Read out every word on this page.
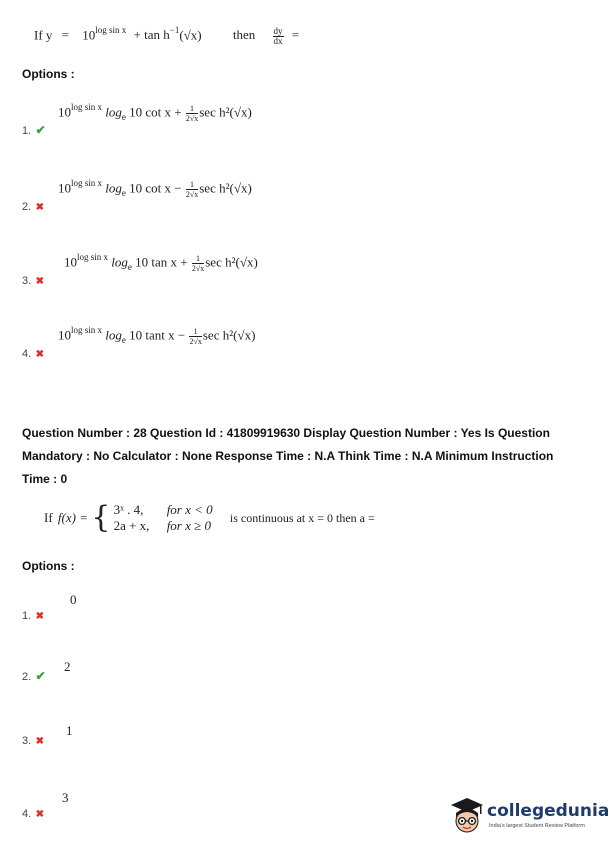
If $y = 10^{log sin x} + \tan h^{-1}(√x)$ then $\frac{dy}{dx}$ =
Options :
$10^{log sin x}$ $\log_e 10$ $\cot x + \frac{1}{2√x}$ sec h²(√x)
1. ✔
$10^{log sin x}$ $\log_e 10$ $\cot x - \frac{1}{2√x}$ sec h²(√x)
2. ✖
$10^{log sin x}$ $\log_e 10$ $\tan x + \frac{1}{2√x}$ sec h²(√x)
3. ✖
$10^{log sin x}$ $\log_e 10$ tant $x - \frac{1}{2√x}$ sec h²(√x)
4. ✖
Question Number : 28 Question Id : 41809919630 Display Question Number : Yes Is Question
Mandatory : No Calculator : None Response Time : N.A Think Time : N.A Minimum Instruction
Time : 0
If f(x) = { 3ˣ . 4,
2a + x, for x < 0
for x ≥ 0 is continuous at x = 0 then a =
Options :
0
1. ✖
2
2. ✔
1
3. ✖
3
4. ✖	collegedunia
India's largest Student Review Platform
